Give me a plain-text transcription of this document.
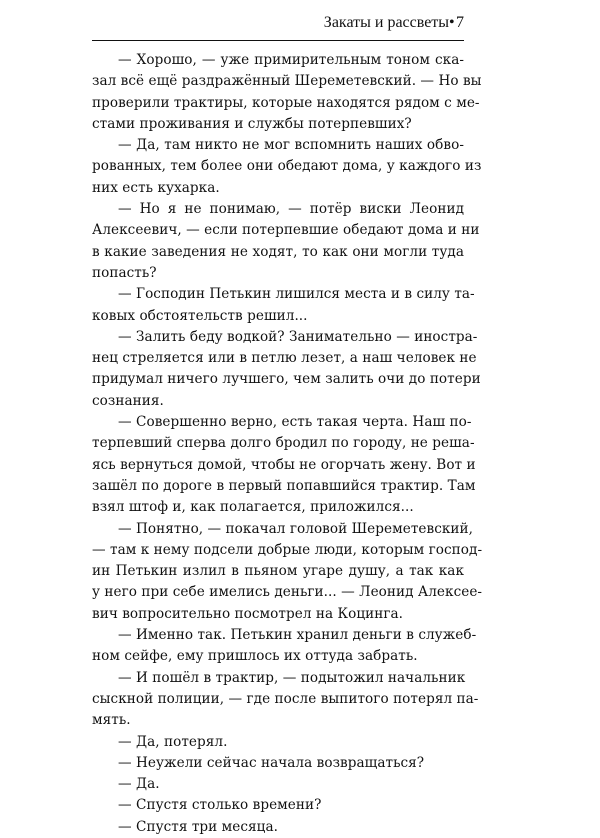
Закаты и рассветы• 7

— Хорошо, — уже примирительным тоном ска-
зал всё ещё раздражённый Шереметевский. — Но вы
проверили трактиры, которые находятся рядом с ме-
стами проживания и службы потерпевших?

— Да, там никто не мог вспомнить наших обво-
рованных, тем более они обедают дома, у каждого из
них есть кухарка.

— Но я не понимаю, — потёр виски Леонид
Алексеевич, — если потерпевшие обедают дома и ни
в какие заведения не ходят, то как они могли туда
попасть?

— Господин Петькин лишился места и в силу та-
ковых обстоятельств решил...

— Залить беду водкой? Занимательно — иностра-
нец стреляется или в петлю лезет, а наш человек не
придумал ничего лучшего, чем залить очи до потери
сознания.

— Совершенно верно, есть такая черта. Наш по-
терпевший сперва долго бродил по городу, не реша-
ясь вернуться домой, чтобы не огорчать жену. Вот и
зашёл по дороге в первый попавшийся трактир. Там
взял штоф и, как полагается, приложился...

— Понятно, — покачал головой Шереметевский,
— там к нему подсели добрые люди, которым господ-
ин Петькин излил в пьяном угаре душу, а так как
у него при себе имелись деньги... — Леонид Алексее-
вич вопросительно посмотрел на Коцинга.

— Именно так. Петькин хранил деньги в служеб-
ном сейфе, ему пришлось их оттуда забрать.

— И пошёл в трактир, — подытожил начальник
сыскной полиции, — где после выпитого потерял па-
мять.

— Да, потерял.

— Неужели сейчас начала возвращаться?

— Да.

— Спустя столько времени?

— Спустя три месяца.
